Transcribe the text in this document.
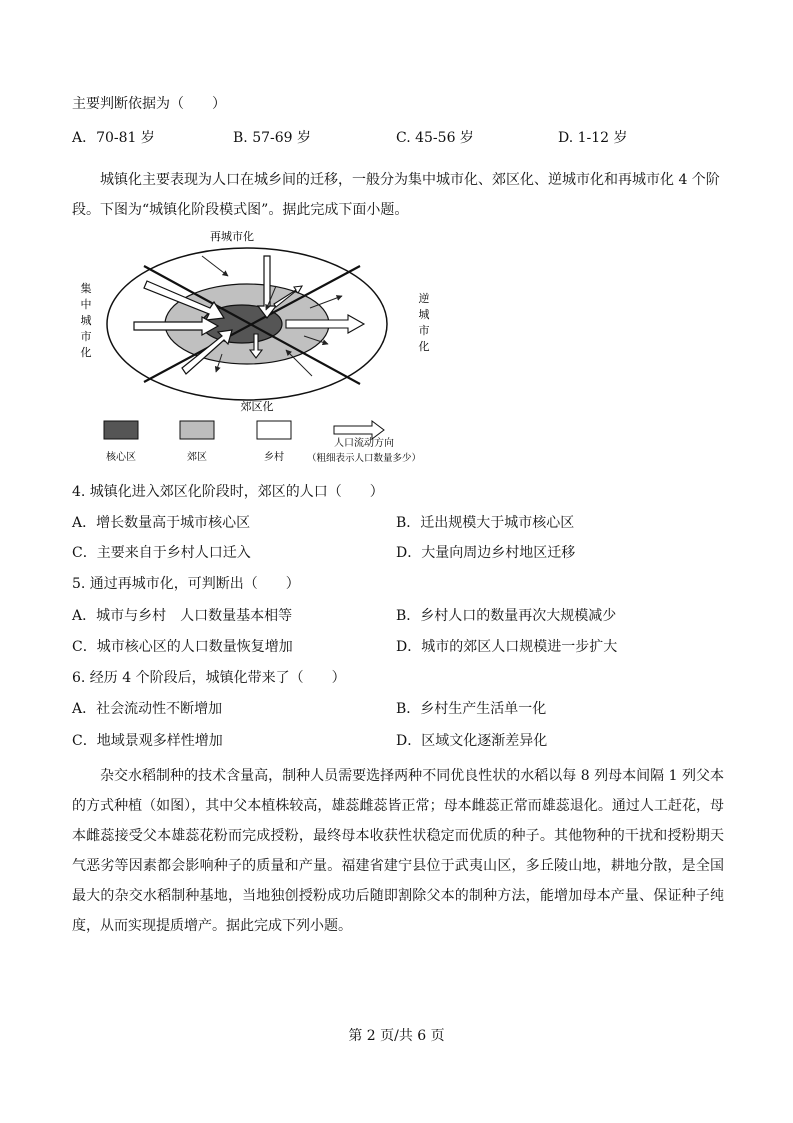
主要判断依据为（　　）
A．70-81 岁	B. 57-69 岁	C. 45-56 岁	D. 1-12 岁
城镇化主要表现为人口在城乡间的迁移，一般分为集中城市化、郊区化、逆城市化和再城市化 4 个阶
段。下图为“城镇化阶段模式图”。据此完成下面小题。
再城市化
集
中
城
市
化
逆
城
市
化
郊区化
核心区	郊区	乡村
人口流动方向
（粗细表示人口数量多少）
4. 城镇化进入郊区化阶段时，郊区的人口（　　）
A．增长数量高于城市核心区	B．迁出规模大于城市核心区
C．主要来自于乡村人口迁入	D．大量向周边乡村地区迁移
5. 通过再城市化，可判断出（　　）
A．城市与乡村　人口数量基本相等	B．乡村人口的数量再次大规模减少
C．城市核心区的人口数量恢复增加	D．城市的郊区人口规模进一步扩大
6. 经历 4 个阶段后，城镇化带来了（　　）
A．社会流动性不断增加	B．乡村生产生活单一化
C．地域景观多样性增加	D．区域文化逐渐差异化
杂交水稻制种的技术含量高，制种人员需要选择两种不同优良性状的水稻以每 8 列母本间隔 1 列父本的方式种植（如图），其中父本植株较高，雄蕊雌蕊皆正常；母本雌蕊正常而雄蕊退化。通过人工赶花，母本雌蕊接受父本雄蕊花粉而完成授粉，最终母本收获性状稳定而优质的种子。其他物种的干扰和授粉期天气恶劣等因素都会影响种子的质量和产量。福建省建宁县位于武夷山区，多丘陵山地，耕地分散，是全国最大的杂交水稻制种基地，当地独创授粉成功后随即割除父本的制种方法，能增加母本产量、保证种子纯度，从而实现提质增产。据此完成下列小题。
第 2 页/共 6 页
